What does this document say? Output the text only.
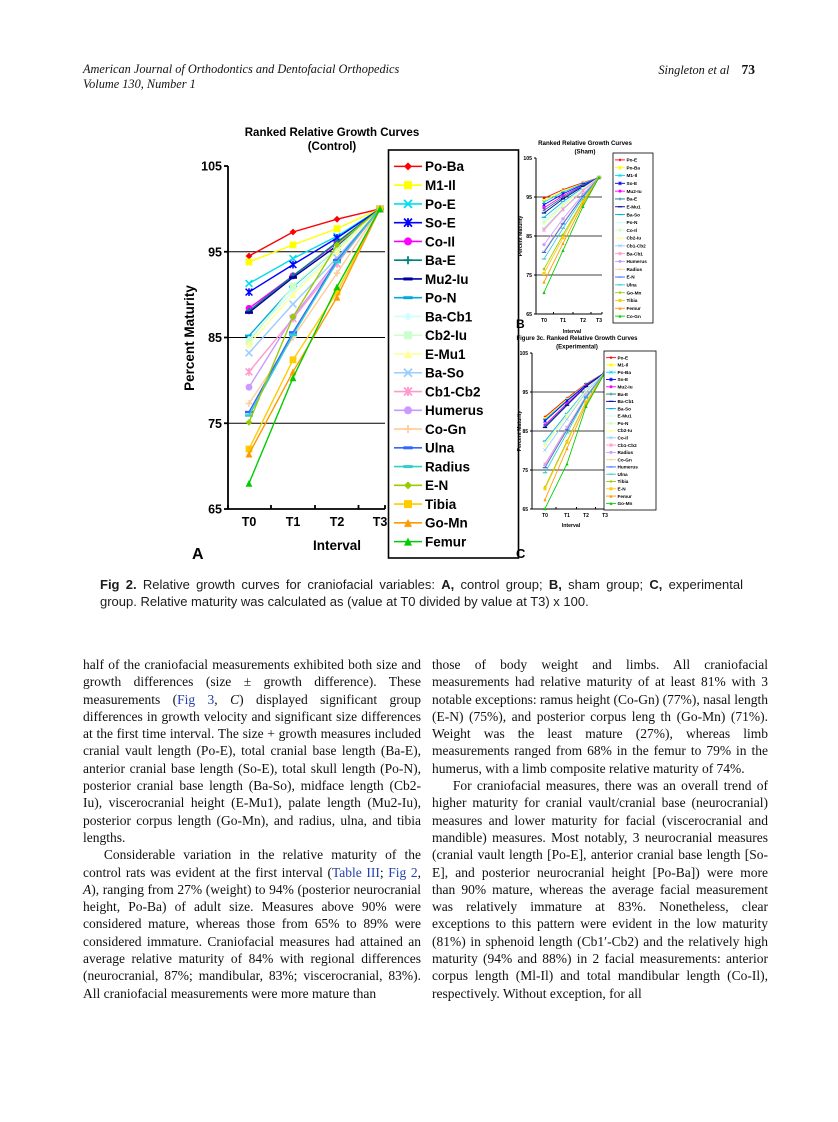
American Journal of Orthodontics and Dentofacial Orthopedics
Volume 130, Number 1
Singleton et al 73
Ranked Relative Growth Curves
(Control)
105
95
85
75
65
T0 T1 T2 T3
Percent Maturity
Interval
Po-Ba
M1-Il
Po-E
So-E
Co-Il
Ba-E
Mu2-Iu
Po-N
Ba-Cb1
Cb2-Iu
E-Mu1
Ba-So
Cb1-Cb2
Humerus
Co-Gn
Ulna
Radius
E-N
Tibia
Go-Mn
Femur
A
Ranked Relative Growth Curves
(Sham)
105
95
85
75
65
T0 T1	T2 T3
Percent Maturity
Interval
Po-E
Po-Ba
M1-Il
So-E
Mu2-Iu
Ba-E
E-Mu1
Ba-So
Po-N
Co-Il
Cb2-Iu
Cb1-Cb2
Ba-Cb1
Humerus
Radius
E-N
Ulna
Go-Mn
Tibia
Femur
Co-Gn
B
Figure 3c. Ranked Relative Growth Curves
(Experimental)
105
95
85
75
65
T0	T1	T2	T3
Percent Maturity
Interval
Po-E
M1-Il
Po-Ba
So-E
Mu2-Iu
Ba-E
Ba-Cb1
Ba-So
E-Mu1
Po-N
Cb2-Iu
Co-Il
Cb1-Cb2
Radius
Co-Gn
Humerus
Ulna
Tibia
E-N
Femur
Go-Mn
C
Fig 2. Relative growth curves for craniofacial variables: A, control group; B, sham group; C, experimental group. Relative maturity was calculated as (value at T0 divided by value at T3) x 100.

half of the craniofacial measurements exhibited both size and growth differences (size ± growth difference). These measurements (Fig 3, C) displayed significant group differences in growth velocity and significant size differences at the first time interval. The size + growth measures included cranial vault length (Po-E), total cranial base length (Ba-E), anterior cranial base length (So-E), total skull length (Po-N), posterior cranial base length (Ba-So), midface length (Cb2-Iu), viscerocranial height (E-Mu1), palate length (Mu2-Iu), posterior corpus length (Go-Mn), and radius, ulna, and tibia lengths.

Considerable variation in the relative maturity of the control rats was evident at the first interval (Table III; Fig 2, A), ranging from 27% (weight) to 94% (posterior neurocranial height, Po-Ba) of adult size. Measures above 90% were considered mature, whereas those from 65% to 89% were considered immature. Craniofacial measures had attained an average relative maturity of 84% with regional differences (neurocranial, 87%; mandibular, 83%; viscerocranial, 83%). All craniofacial measurements were more mature than

those of body weight and limbs. All craniofacial measurements had relative maturity of at least 81% with 3 notable exceptions: ramus height (Co-Gn) (77%), nasal length (E-N) (75%), and posterior corpus leng th (Go-Mn) (71%). Weight was the least mature (27%), whereas limb measurements ranged from 68% in the femur to 79% in the humerus, with a limb composite relative maturity of 74%.

For craniofacial measures, there was an overall trend of higher maturity for cranial vault/cranial base (neurocranial) measures and lower maturity for facial (viscerocranial and mandible) measures. Most notably, 3 neurocranial measures (cranial vault length [Po-E], anterior cranial base length [So-E], and posterior neurocranial height [Po-Ba]) were more than 90% mature, whereas the average facial measurement was relatively immature at 83%. Nonetheless, clear exceptions to this pattern were evident in the low maturity (81%) in sphenoid length (Cb1′-Cb2) and the relatively high maturity (94% and 88%) in 2 facial measurements: anterior corpus length (Ml-Il) and total mandibular length (Co-Il), respectively. Without exception, for all
